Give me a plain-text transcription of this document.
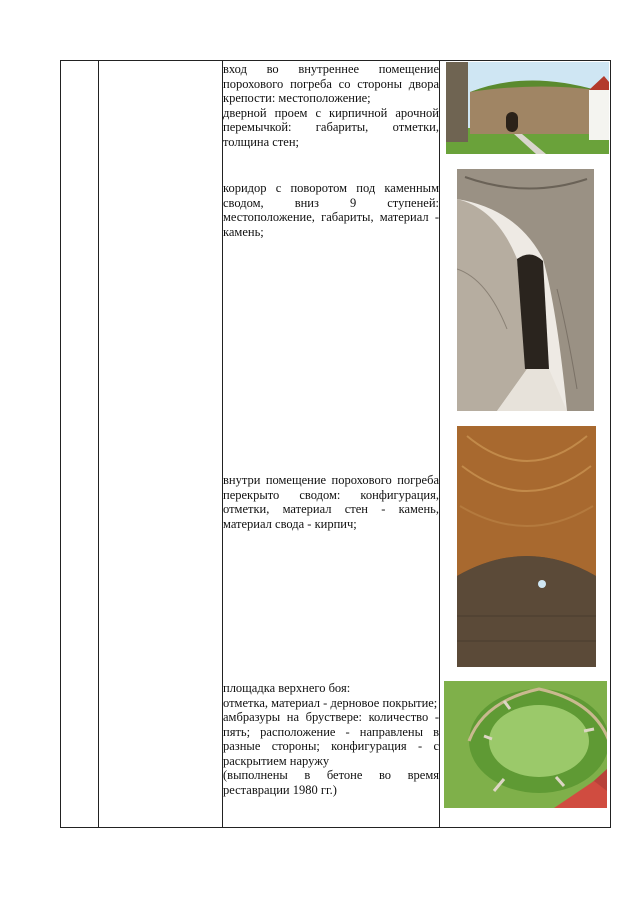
вход во внутреннее помещение порохового погреба со стороны двора крепости: местоположение;
дверной проем с кирпичной арочной перемычкой: габариты, отметки, толщина стен;
коридор с поворотом под каменным сводом, вниз 9 ступеней: местоположение, габариты, материал - камень;
внутри помещение порохового погреба перекрыто сводом: конфигурация, отметки, материал стен - камень, материал свода - кирпич;
площадка верхнего боя:
отметка, материал - дерновое покрытие;
амбразуры на бруствере: количество - пять; расположение - направлены в разные стороны; конфигурация - с раскрытием наружу
(выполнены в бетоне во время реставрации 1980 гг.)
